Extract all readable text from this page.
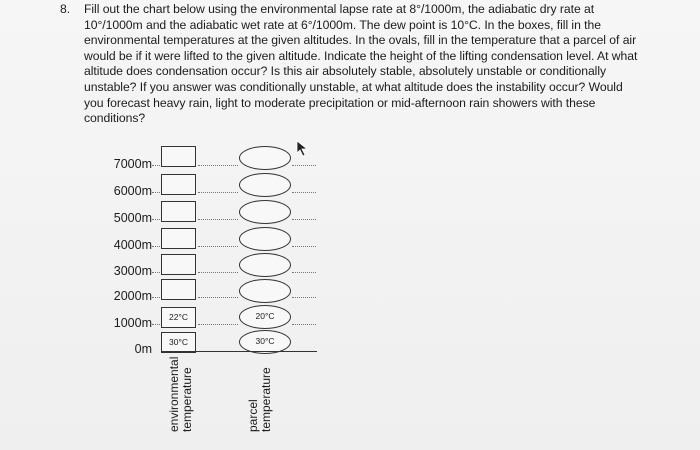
8.	Fill out the chart below using the environmental lapse rate at 8°/1000m, the adiabatic dry rate at 10°/1000m and the adiabatic wet rate at 6°/1000m. The dew point is 10°C. In the boxes, fill in the environmental temperatures at the given altitudes. In the ovals, fill in the temperature that a parcel of air would be if it were lifted to the given altitude. Indicate the height of the lifting condensation level. At what altitude does condensation occur? Is this air absolutely stable, absolutely unstable or conditionally unstable? If you answer was conditionally unstable, at what altitude does the instability occur? Would you forecast heavy rain, light to moderate precipitation or mid-afternoon rain showers with these conditions?
7000m
6000m
5000m
4000m
3000m
2000m
1000m
0m
22°C
30°C
20°C
30°C
environmental temperature	parcel temperature
